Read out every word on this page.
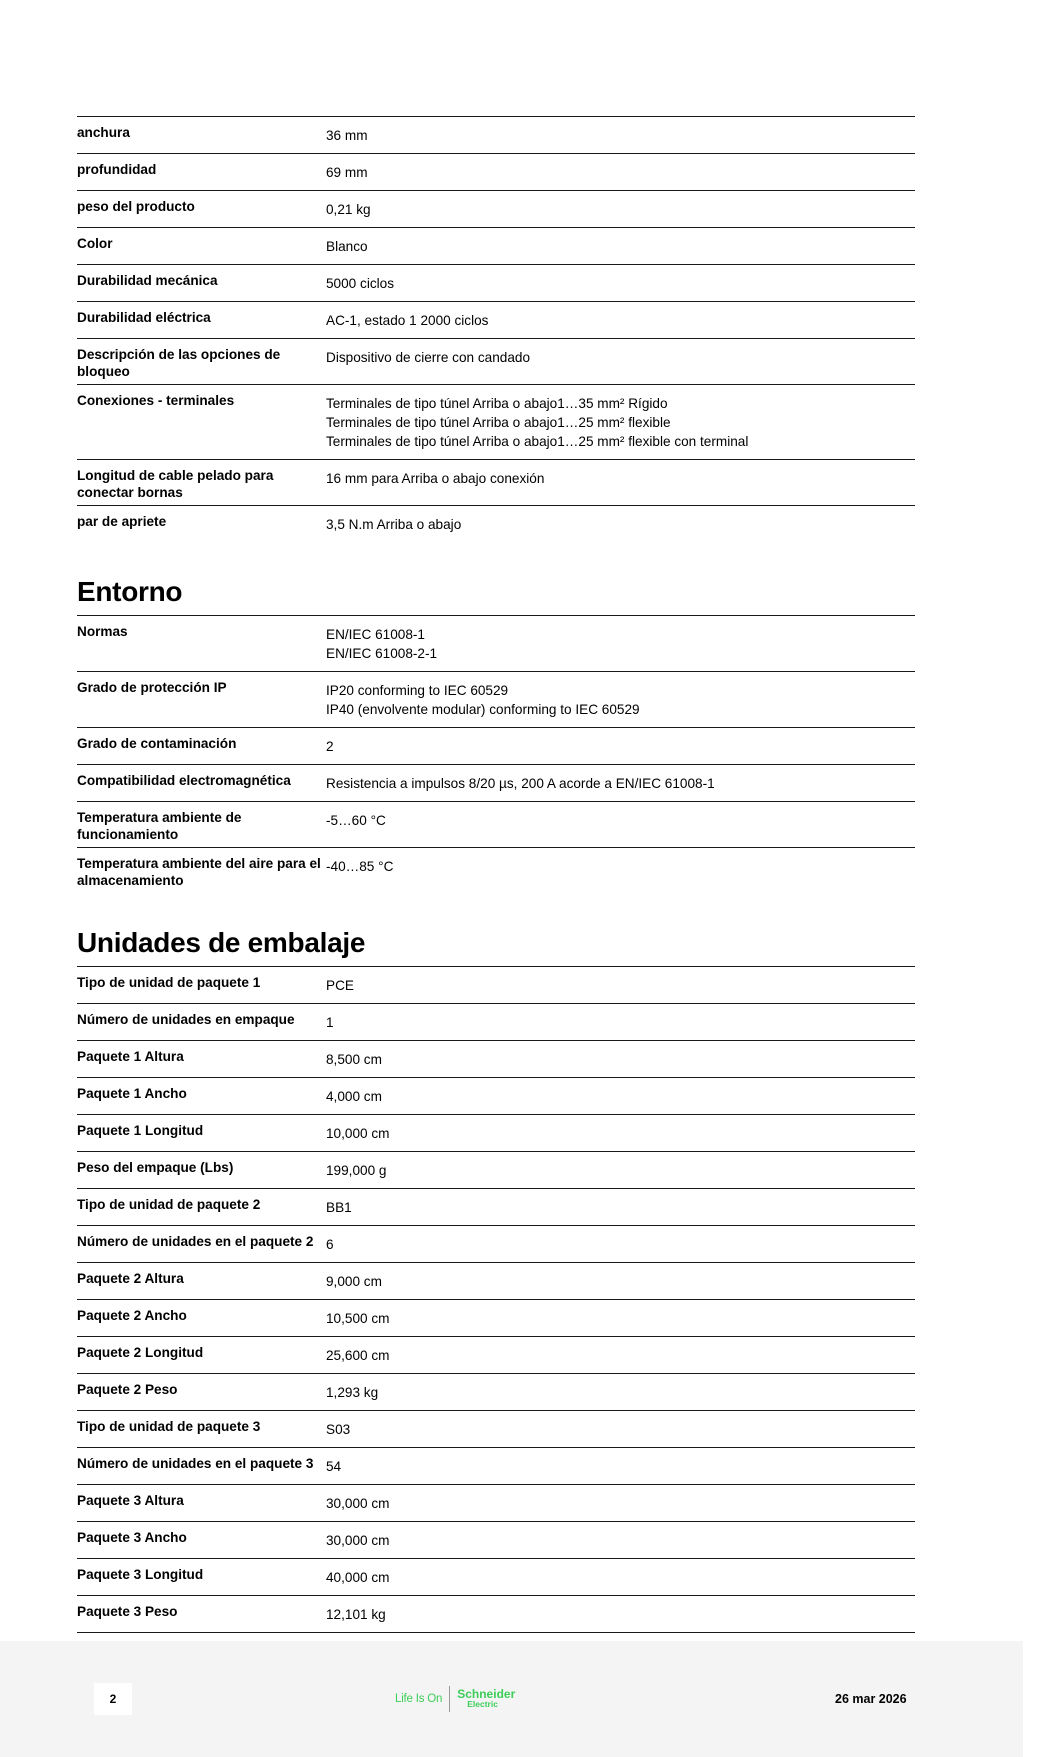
anchura	36 mm

profundidad	69 mm

peso del producto	0,21 kg

Color	Blanco

Durabilidad mecánica	5000 ciclos

Durabilidad eléctrica	AC-1, estado 1 2000 ciclos

Descripción de las opciones de bloqueo	Dispositivo de cierre con candado

Conexiones - terminales	Terminales de tipo túnel Arriba o abajo1…35 mm² Rígido
Terminales de tipo túnel Arriba o abajo1…25 mm² flexible
Terminales de tipo túnel Arriba o abajo1…25 mm² flexible con terminal

Longitud de cable pelado para conectar bornas	16 mm para Arriba o abajo conexión

par de apriete	3,5 N.m Arriba o abajo
Entorno
Normas	EN/IEC 61008-1
EN/IEC 61008-2-1

Grado de protección IP	IP20 conforming to IEC 60529
IP40 (envolvente modular) conforming to IEC 60529

Grado de contaminación	2

Compatibilidad electromagnética	Resistencia a impulsos 8/20 µs, 200 A acorde a EN/IEC 61008-1

Temperatura ambiente de funcionamiento	-5…60 °C

Temperatura ambiente del aire para el almacenamiento	-40…85 °C
Unidades de embalaje
Tipo de unidad de paquete 1	PCE

Número de unidades en empaque	1

Paquete 1 Altura	8,500 cm

Paquete 1 Ancho	4,000 cm

Paquete 1 Longitud	10,000 cm

Peso del empaque (Lbs)	199,000 g

Tipo de unidad de paquete 2	BB1

Número de unidades en el paquete 2	6

Paquete 2 Altura	9,000 cm

Paquete 2 Ancho	10,500 cm

Paquete 2 Longitud	25,600 cm

Paquete 2 Peso	1,293 kg

Tipo de unidad de paquete 3	S03

Número de unidades en el paquete 3	54

Paquete 3 Altura	30,000 cm

Paquete 3 Ancho	30,000 cm

Paquete 3 Longitud	40,000 cm

Paquete 3 Peso	12,101 kg
2	Life Is On Schneider
Electric	26 mar 2026
